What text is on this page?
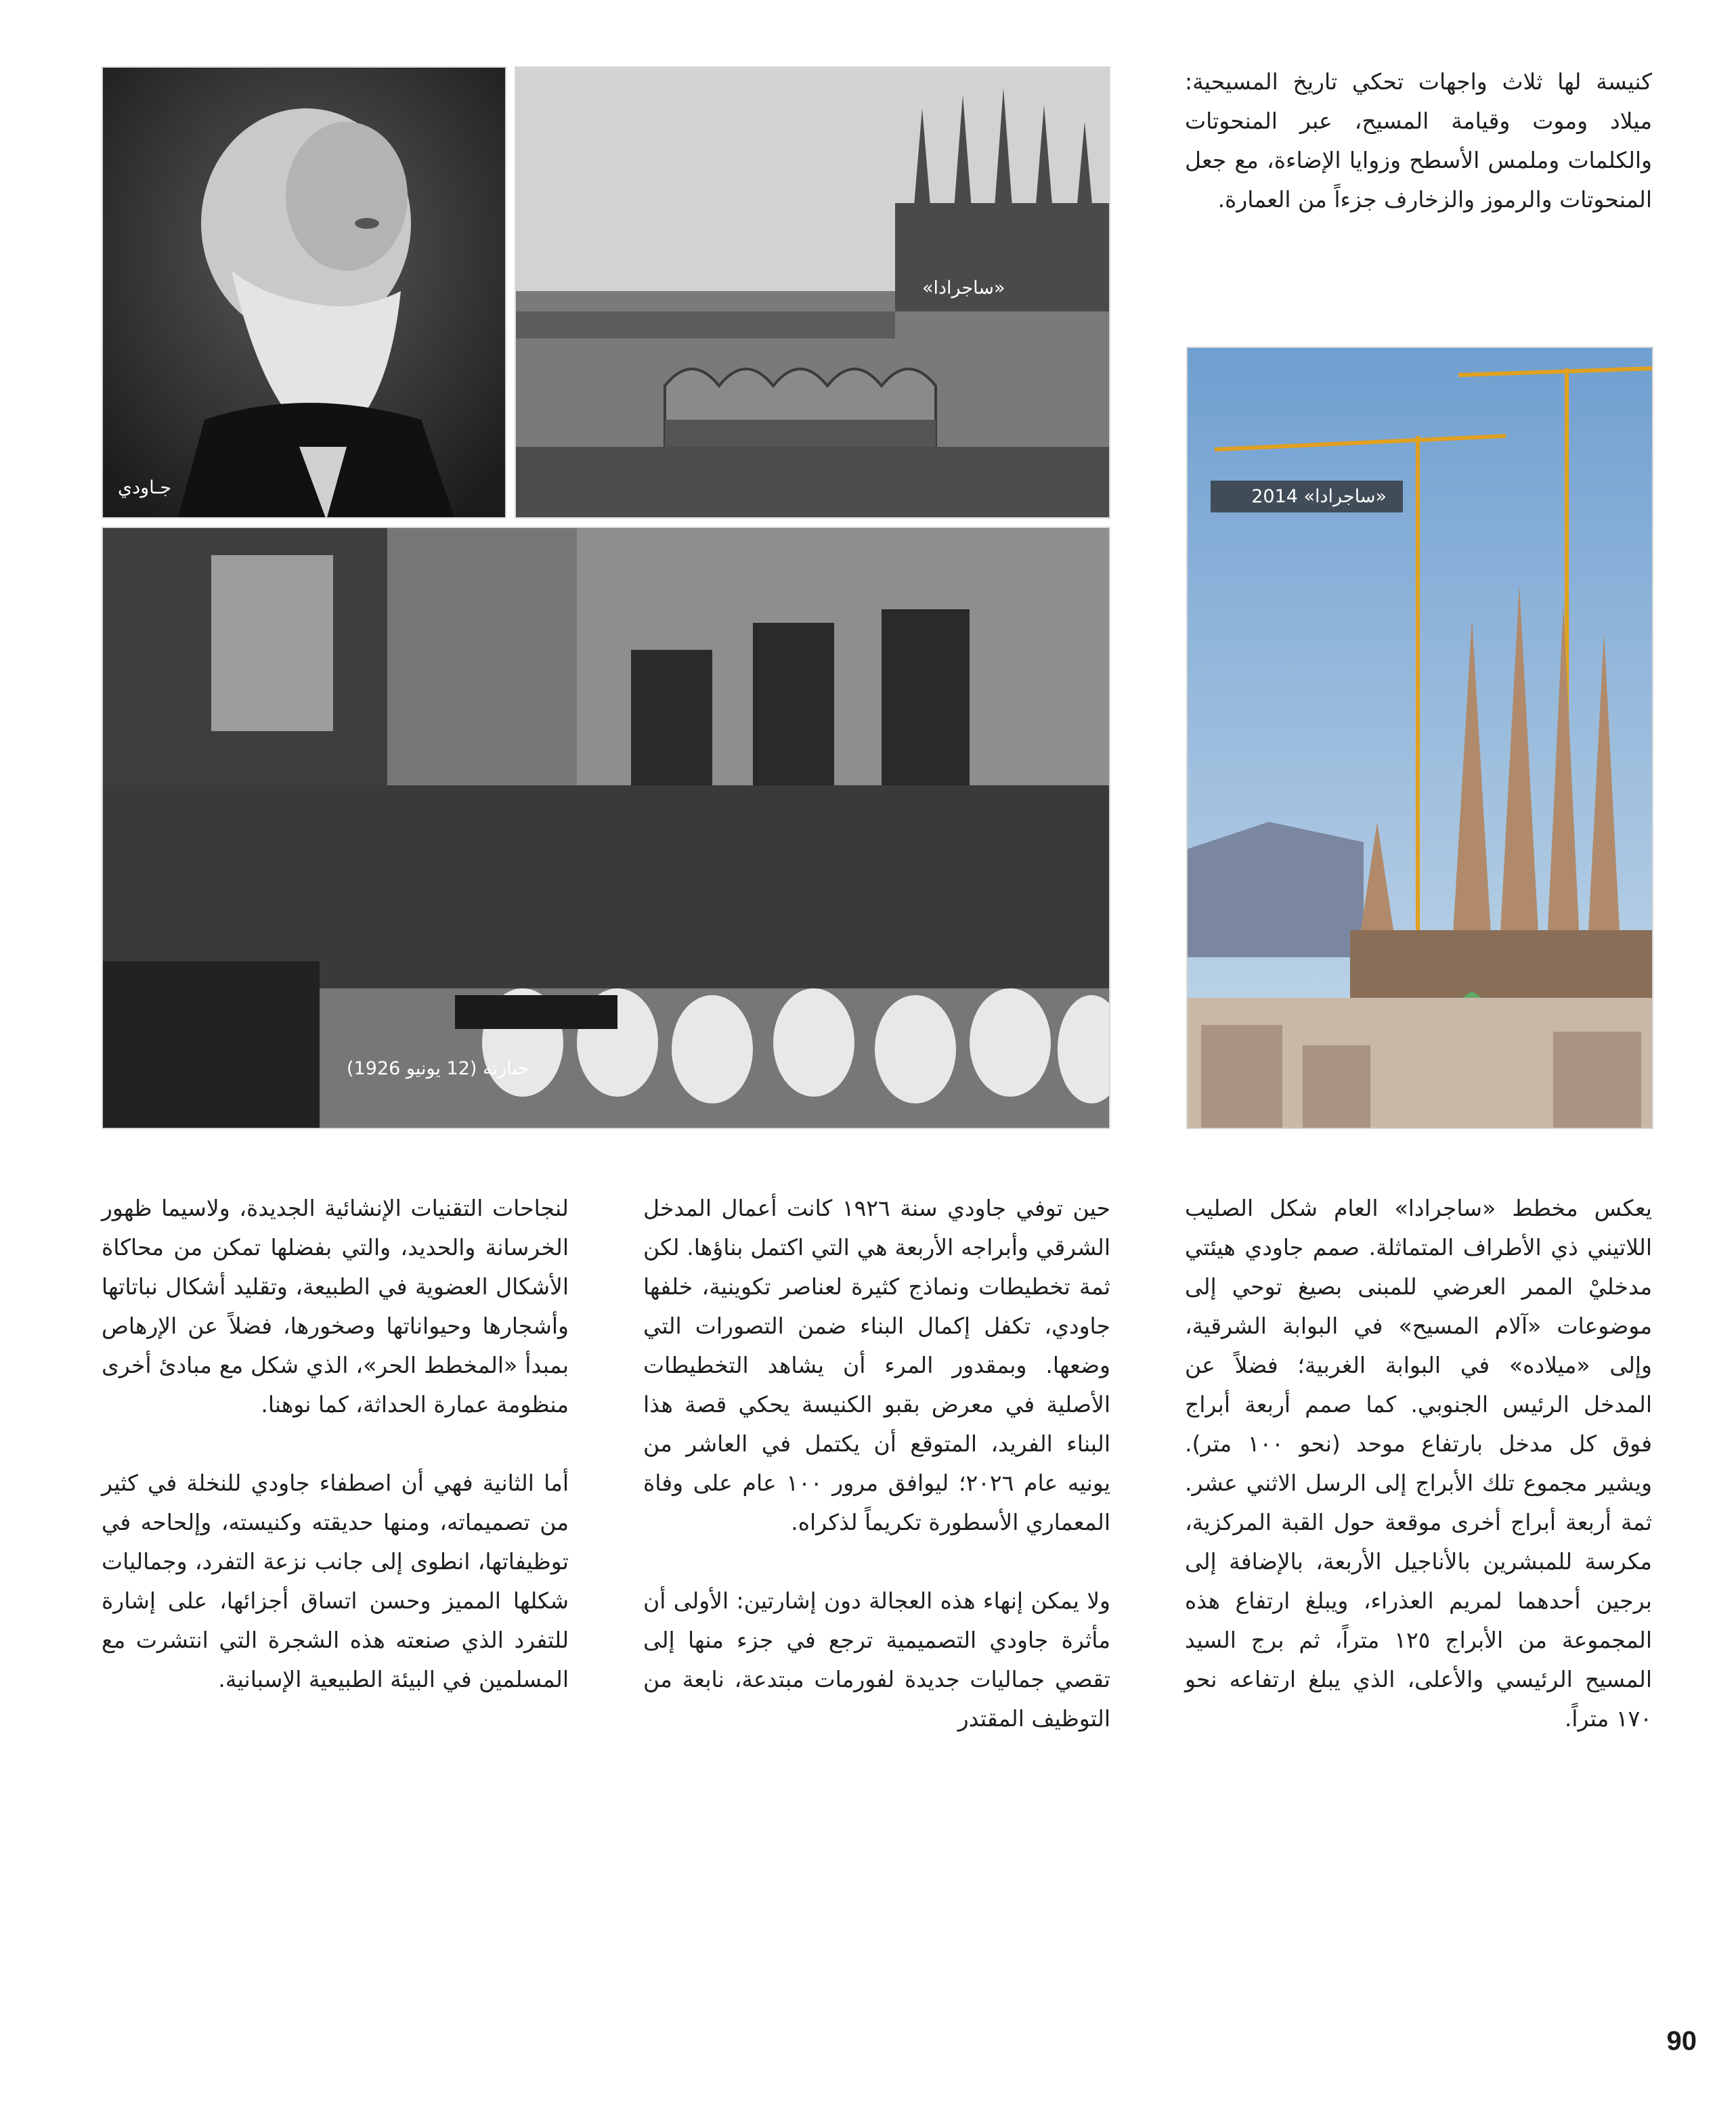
كنيسة لها ثلاث واجهات تحكي تاريخ المسيحية: ميلاد وموت وقيامة المسيح، عبر المنحوتات والكلمات وملمس الأسطح وزوايا الإضاءة، مع جعل المنحوتات والرموز والزخارف جزءاً من العمارة.

جـاودي
«ساجرادا»
جنازته (12 يونيو 1926)
«ساجرادا» 2014

يعكس مخطط «ساجرادا» العام شكل الصليب اللاتيني ذي الأطراف المتماثلة. صمم جاودي هيئتي مدخليْ الممر العرضي للمبنى بصيغ توحي إلى موضوعات «آلام المسيح» في البوابة الشرقية، وإلى «ميلاده» في البوابة الغربية؛ فضلاً عن المدخل الرئيس الجنوبي. كما صمم أربعة أبراج فوق كل مدخل بارتفاع موحد (نحو ١٠٠ متر). ويشير مجموع تلك الأبراج إلى الرسل الاثني عشر. ثمة أربعة أبراج أخرى موقعة حول القبة المركزية، مكرسة للمبشرين بالأناجيل الأربعة، بالإضافة إلى برجين أحدهما لمريم العذراء، ويبلغ ارتفاع هذه المجموعة من الأبراج ١٢٥ متراً، ثم برج السيد المسيح الرئيسي والأعلى، الذي يبلغ ارتفاعه نحو ١٧٠ متراً.

حين توفي جاودي سنة ١٩٢٦ كانت أعمال المدخل الشرقي وأبراجه الأربعة هي التي اكتمل بناؤها. لكن ثمة تخطيطات ونماذج كثيرة لعناصر تكوينية، خلفها جاودي، تكفل إكمال البناء ضمن التصورات التي وضعها. وبمقدور المرء أن يشاهد التخطيطات الأصلية في معرض بقبو الكنيسة يحكي قصة هذا البناء الفريد، المتوقع أن يكتمل في العاشر من يونيه عام ٢٠٢٦؛ ليوافق مرور ١٠٠ عام على وفاة المعماري الأسطورة تكريماً لذكراه.

ولا يمكن إنهاء هذه العجالة دون إشارتين: الأولى أن مأثرة جاودي التصميمية ترجع في جزء منها إلى تقصي جماليات جديدة لفورمات مبتدعة، نابعة من التوظيف المقتدر

لنجاحات التقنيات الإنشائية الجديدة، ولاسيما ظهور الخرسانة والحديد، والتي بفضلها تمكن من محاكاة الأشكال العضوية في الطبيعة، وتقليد أشكال نباتاتها وأشجارها وحيواناتها وصخورها، فضلاً عن الإرهاص بمبدأ «المخطط الحر»، الذي شكل مع مبادئ أخرى منظومة عمارة الحداثة، كما نوهنا.

أما الثانية فهي أن اصطفاء جاودي للنخلة في كثير من تصميماته، ومنها حديقته وكنيسته، وإلحاحه في توظيفاتها، انطوى إلى جانب نزعة التفرد، وجماليات شكلها المميز وحسن اتساق أجزائها، على إشارة للتفرد الذي صنعته هذه الشجرة التي انتشرت مع المسلمين في البيئة الطبيعية الإسبانية.

90
